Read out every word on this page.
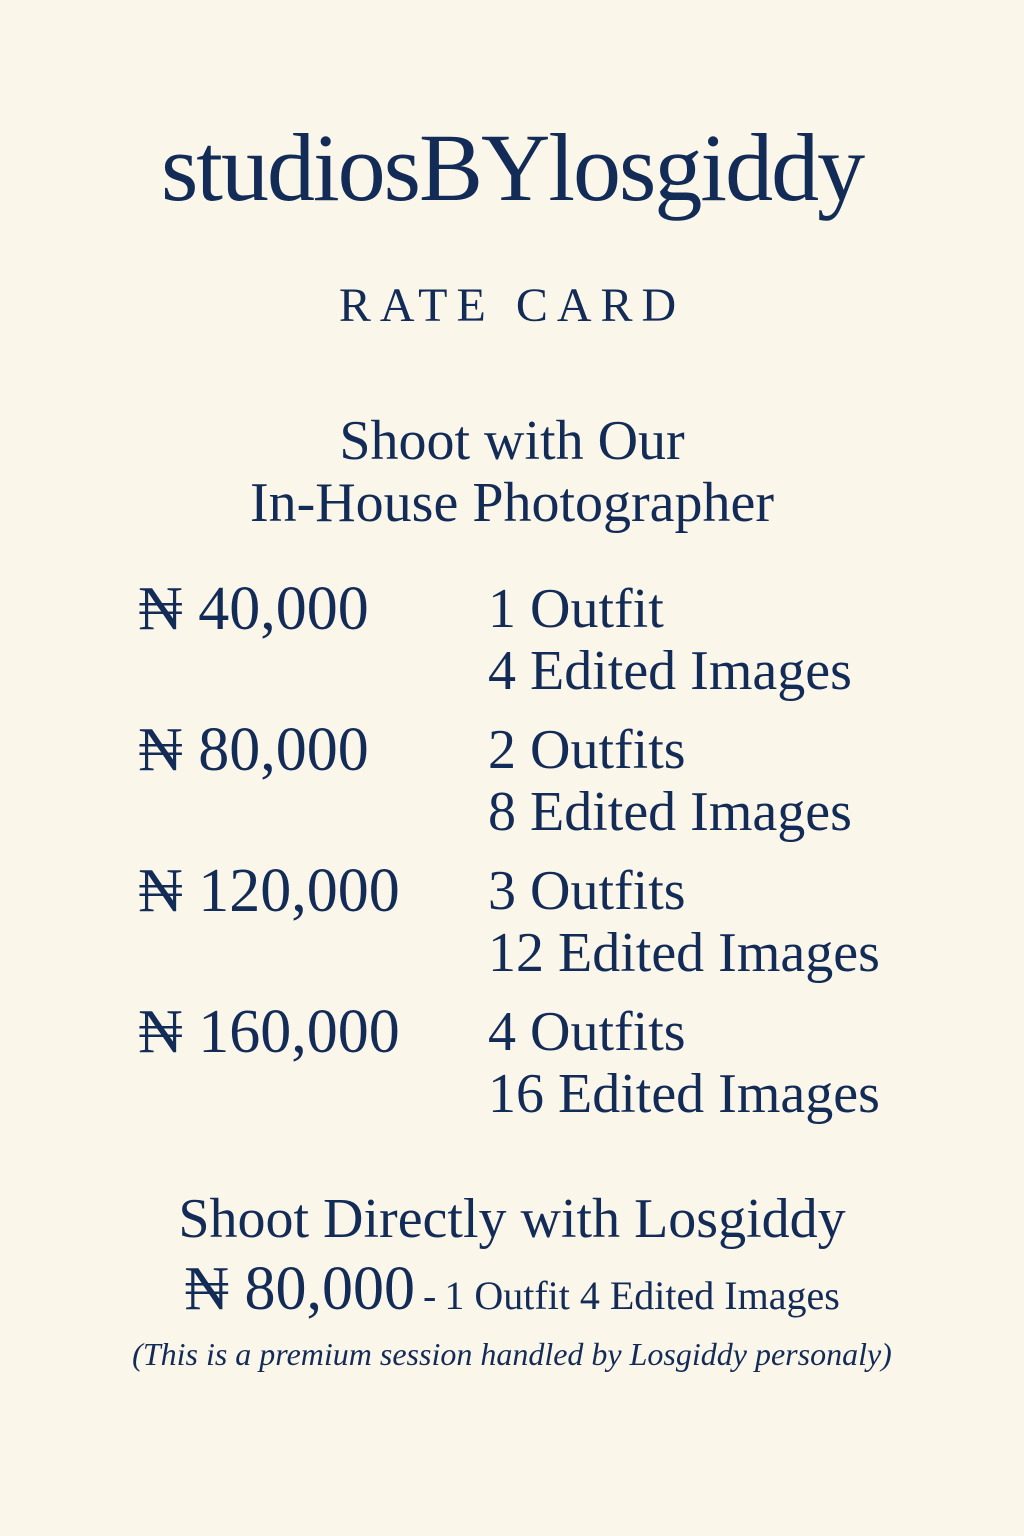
studiosBYlosgiddy
RATE CARD
Shoot with Our
In-House Photographer
₦ 40,000	1 Outfit
4 Edited Images
₦ 80,000	2 Outfits
8 Edited Images
₦ 120,000	3 Outfits
12 Edited Images
₦ 160,000	4 Outfits
16 Edited Images
Shoot Directly with Losgiddy
₦ 80,000 - 1 Outfit 4 Edited Images
(This is a premium session handled by Losgiddy personaly)
